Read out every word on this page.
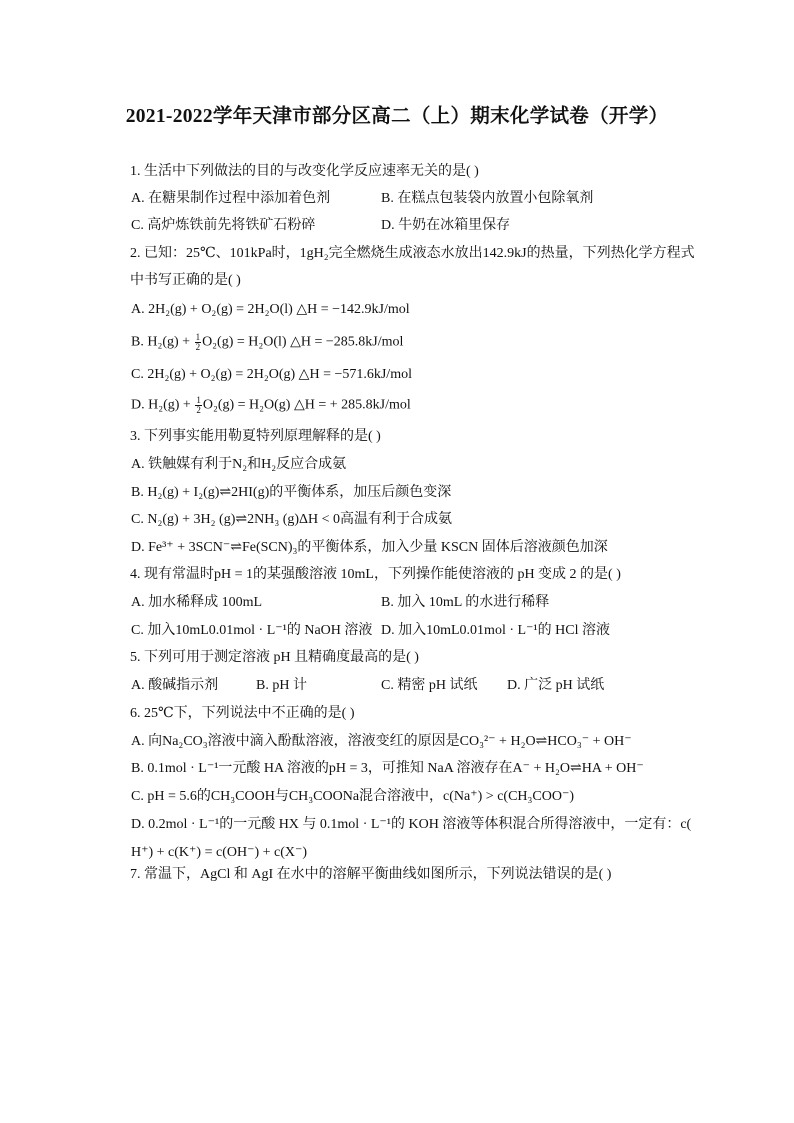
2021-2022学年天津市部分区高二（上）期末化学试卷（开学）
1. 生活中下列做法的目的与改变化学反应速率无关的是( )
A. 在糖果制作过程中添加着色剂	B. 在糕点包装袋内放置小包除氧剂
C. 高炉炼铁前先将铁矿石粉碎	D. 牛奶在冰箱里保存
2. 已知：25℃、101kPa时，1gH₂完全燃烧生成液态水放出142.9kJ的热量，下列热化学方程式
中书写正确的是( )
A. 2H₂(g) + O₂(g) = 2H₂O(l) △H = −142.9kJ/mol
B. $H_2(g) + \frac{1}{2} O_2(g) = H_2O(l)$ △H = −285.8kJ/mol
C. 2H₂(g) + O₂(g) = 2H₂O(g) △H = −571.6kJ/mol
D. $H_2(g) + \frac{1}{2} O_2(g) = H_2O(g)$ △H = + 285.8kJ/mol
3. 下列事实能用勒夏特列原理解释的是( )
A. 铁触媒有利于N₂和H₂反应合成氨
B. H₂(g) + I₂(g)⇌2HI(g)的平衡体系，加压后颜色变深
C. N₂(g) + 3H₂ (g)⇌2NH₃ (g)ΔH < 0高温有利于合成氨
D. Fe³⁺ + 3SCN⁻⇌Fe(SCN)₃的平衡体系，加入少量 KSCN 固体后溶液颜色加深
4. 现有常温时pH = 1的某强酸溶液 10mL，下列操作能使溶液的 pH 变成 2 的是( )
A. 加水稀释成 100mL	B. 加入 10mL 的水进行稀释
C. 加入10mL0.01mol · L⁻¹的 NaOH 溶液 D. 加入10mL0.01mol · L⁻¹的 HCl 溶液
5. 下列可用于测定溶液 pH 且精确度最高的是( )
A. 酸碱指示剂	B. pH 计	C. 精密 pH 试纸 D. 广泛 pH 试纸
6. 25℃下，下列说法中不正确的是( )
A. 向Na₂CO₃溶液中滴入酚酞溶液，溶液变红的原因是CO₃²⁻ + H₂O⇌HCO₃⁻ + OH⁻
B. 0.1mol · L⁻¹一元酸 HA 溶液的pH = 3，可推知 NaA 溶液存在A⁻ + H₂O⇌HA + OH⁻
C. pH = 5.6的CH₃COOH与CH₃COONa混合溶液中，c(Na⁺) > c(CH₃COO⁻)
D. 0.2mol · L⁻¹的一元酸 HX 与 0.1mol · L⁻¹的 KOH 溶液等体积混合所得溶液中，一定有：c(
H⁺) + c(K⁺) = c(OH⁻) + c(X⁻)
7. 常温下，AgCl 和 AgI 在水中的溶解平衡曲线如图所示，下列说法错误的是( )
